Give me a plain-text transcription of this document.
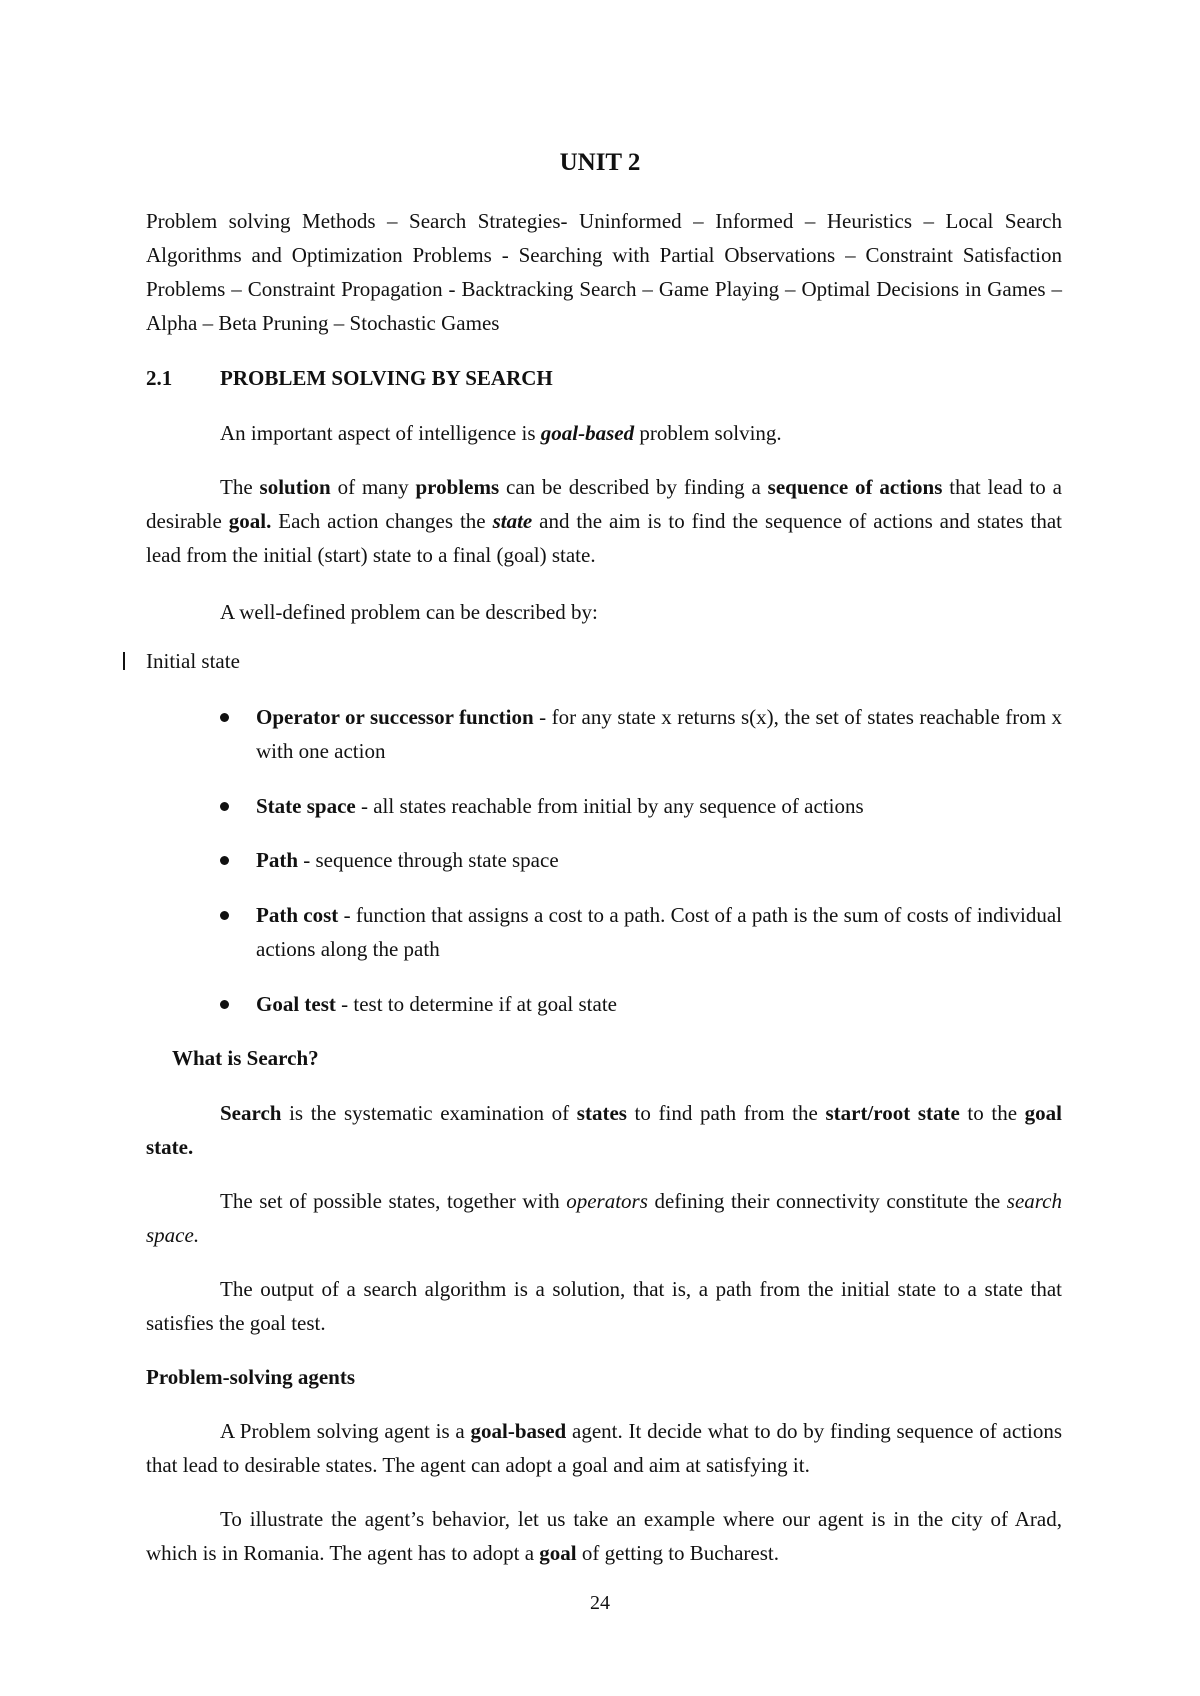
UNIT 2
Problem solving Methods – Search Strategies- Uninformed – Informed – Heuristics – Local Search Algorithms and Optimization Problems - Searching with Partial Observations – Constraint Satisfaction Problems – Constraint Propagation - Backtracking Search – Game Playing – Optimal Decisions in Games – Alpha – Beta Pruning – Stochastic Games
2.1 PROBLEM SOLVING BY SEARCH
An important aspect of intelligence is goal-based problem solving.
The solution of many problems can be described by finding a sequence of actions that lead to a desirable goal. Each action changes the state and the aim is to find the sequence of actions and states that lead from the initial (start) state to a final (goal) state.
A well-defined problem can be described by:
Initial state
Operator or successor function - for any state x returns s(x), the set of states reachable from x with one action
State space - all states reachable from initial by any sequence of actions
Path - sequence through state space
Path cost - function that assigns a cost to a path. Cost of a path is the sum of costs of individual actions along the path
Goal test - test to determine if at goal state
What is Search?
Search is the systematic examination of states to find path from the start/root state to the goal state.
The set of possible states, together with operators defining their connectivity constitute the search space.
The output of a search algorithm is a solution, that is, a path from the initial state to a state that satisfies the goal test.
Problem-solving agents
A Problem solving agent is a goal-based agent. It decide what to do by finding sequence of actions that lead to desirable states. The agent can adopt a goal and aim at satisfying it.
To illustrate the agent’s behavior, let us take an example where our agent is in the city of Arad, which is in Romania. The agent has to adopt a goal of getting to Bucharest.
24
